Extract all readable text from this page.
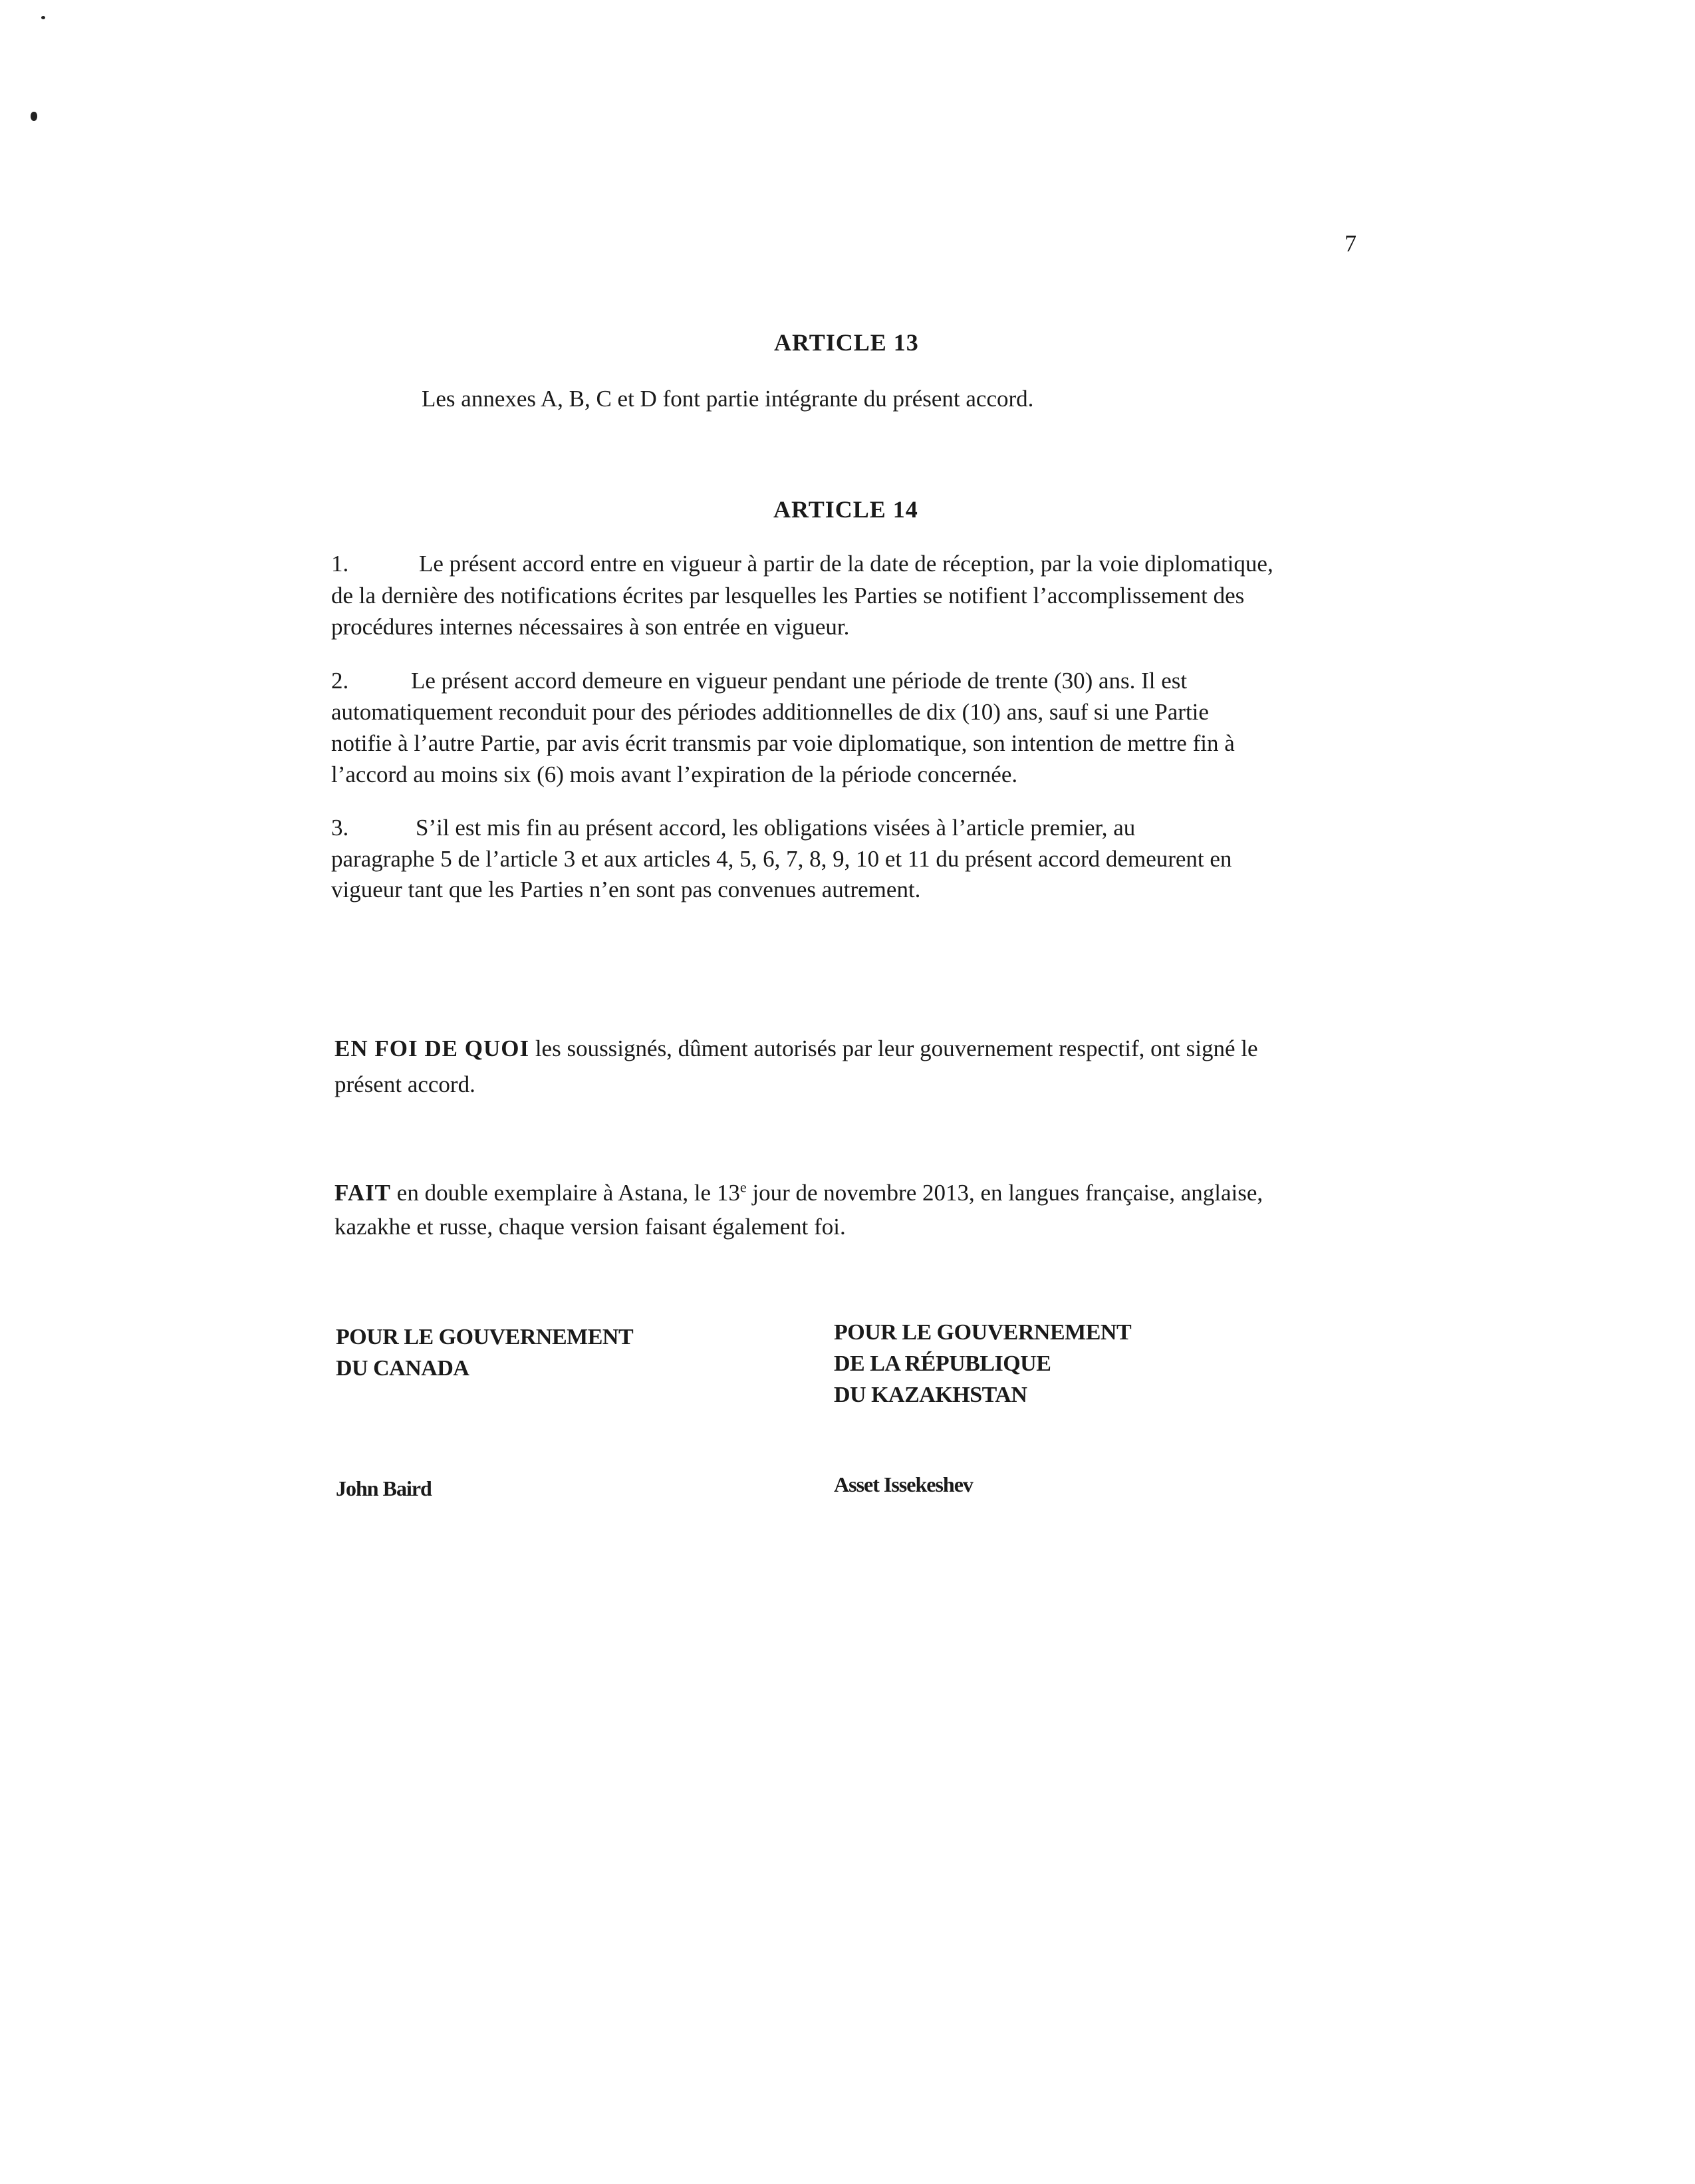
7
ARTICLE 13
Les annexes A, B, C et D font partie intégrante du présent accord.
ARTICLE 14
1.	Le présent accord entre en vigueur à partir de la date de réception, par la voie diplomatique,
de la dernière des notifications écrites par lesquelles les Parties se notifient l’accomplissement des
procédures internes nécessaires à son entrée en vigueur.
2.	Le présent accord demeure en vigueur pendant une période de trente (30) ans. Il est
automatiquement reconduit pour des périodes additionnelles de dix (10) ans, sauf si une Partie
notifie à l’autre Partie, par avis écrit transmis par voie diplomatique, son intention de mettre fin à
l’accord au moins six (6) mois avant l’expiration de la période concernée.
3.	S’il est mis fin au présent accord, les obligations visées à l’article premier, au
paragraphe 5 de l’article 3 et aux articles 4, 5, 6, 7, 8, 9, 10 et 11 du présent accord demeurent en
vigueur tant que les Parties n’en sont pas convenues autrement.
EN FOI DE QUOI les soussignés, dûment autorisés par leur gouvernement respectif, ont signé le
présent accord.
FAIT en double exemplaire à Astana, le 13e jour de novembre 2013, en langues française, anglaise,
kazakhe et russe, chaque version faisant également foi.
POUR LE GOUVERNEMENT
DU CANADA
POUR LE GOUVERNEMENT
DE LA RÉPUBLIQUE
DU KAZAKHSTAN
John Baird	Asset Issekeshev
